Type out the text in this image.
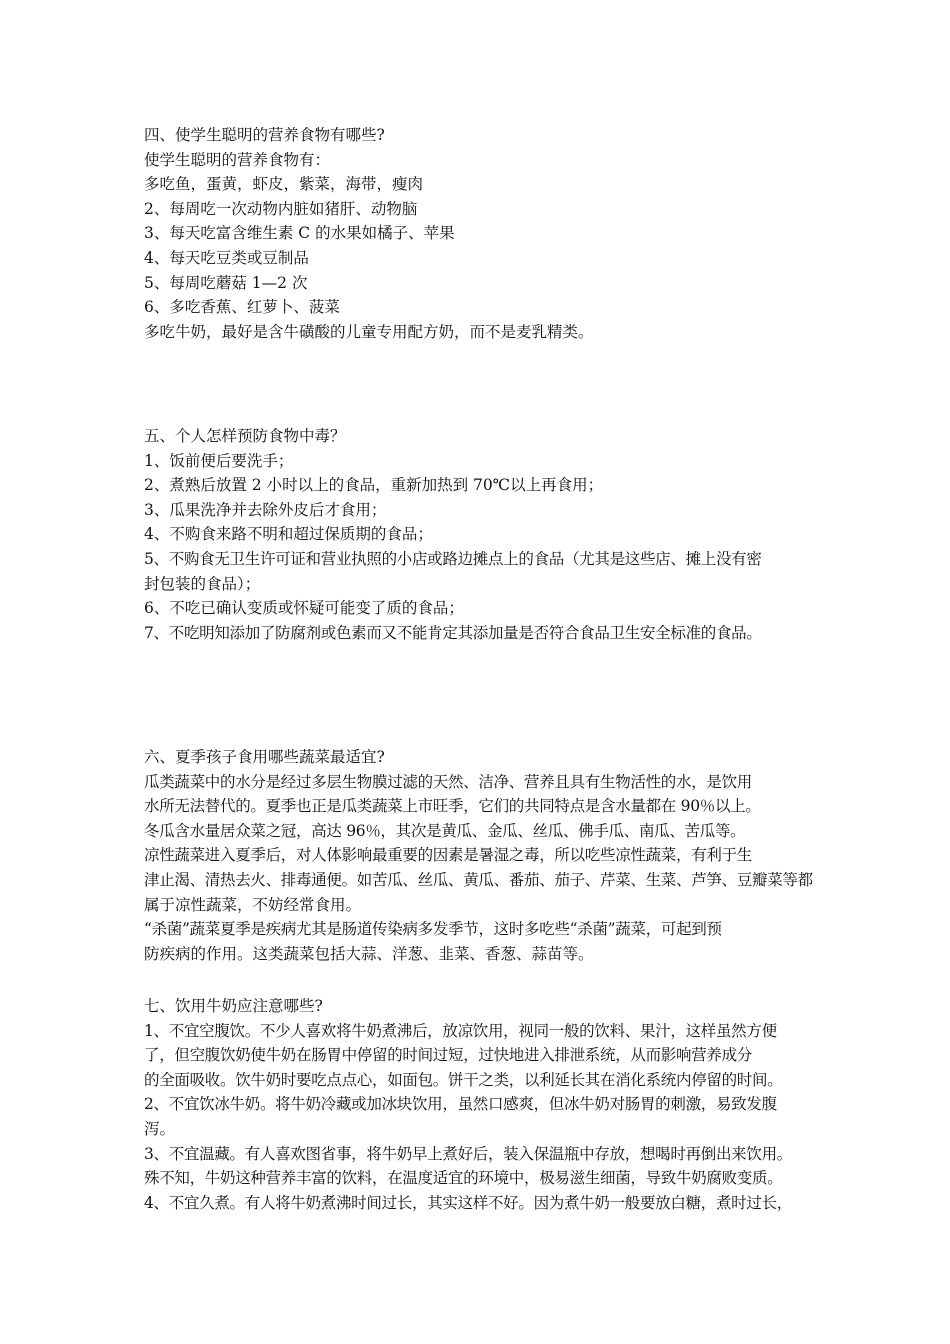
四、使学生聪明的营养食物有哪些?
使学生聪明的营养食物有：
多吃鱼，蛋黄，虾皮，紫菜，海带，瘦肉
2、每周吃一次动物内脏如猪肝、动物脑
3、每天吃富含维生素 C 的水果如橘子、苹果
4、每天吃豆类或豆制品
5、每周吃蘑菇 1—2 次
6、多吃香蕉、红萝卜、菠菜
多吃牛奶，最好是含牛磺酸的儿童专用配方奶，而不是麦乳精类。
五、个人怎样预防食物中毒？
1、饭前便后要洗手；
2、煮熟后放置 2 小时以上的食品，重新加热到 70℃以上再食用；
3、瓜果洗净并去除外皮后才食用；
4、不购食来路不明和超过保质期的食品；
5、不购食无卫生许可证和营业执照的小店或路边摊点上的食品（尤其是这些店、摊上没有密
封包装的食品）；
6、不吃已确认变质或怀疑可能变了质的食品；
7、不吃明知添加了防腐剂或色素而又不能肯定其添加量是否符合食品卫生安全标准的食品。
六、夏季孩子食用哪些蔬菜最适宜?
瓜类蔬菜中的水分是经过多层生物膜过滤的天然、洁净、营养且具有生物活性的水，是饮用
水所无法替代的。夏季也正是瓜类蔬菜上市旺季，它们的共同特点是含水量都在 90％以上。
冬瓜含水量居众菜之冠，高达 96％，其次是黄瓜、金瓜、丝瓜、佛手瓜、南瓜、苦瓜等。
凉性蔬菜进入夏季后，对人体影响最重要的因素是暑湿之毒，所以吃些凉性蔬菜，有利于生
津止渴、清热去火、排毒通便。如苦瓜、丝瓜、黄瓜、番茄、茄子、芹菜、生菜、芦笋、豆瓣菜等都
属于凉性蔬菜，不妨经常食用。
“杀菌”蔬菜夏季是疾病尤其是肠道传染病多发季节，这时多吃些“杀菌”蔬菜，可起到预
防疾病的作用。这类蔬菜包括大蒜、洋葱、韭菜、香葱、蒜苗等。
七、饮用牛奶应注意哪些?
1、不宜空腹饮。不少人喜欢将牛奶煮沸后，放凉饮用，视同一般的饮料、果汁，这样虽然方便
了，但空腹饮奶使牛奶在肠胃中停留的时间过短，过快地进入排泄系统，从而影响营养成分
的全面吸收。饮牛奶时要吃点点心，如面包。饼干之类，以利延长其在消化系统内停留的时间。
2、不宜饮冰牛奶。将牛奶冷藏或加冰块饮用，虽然口感爽，但冰牛奶对肠胃的刺激，易致发腹
泻。
3、不宜温藏。有人喜欢图省事，将牛奶早上煮好后，装入保温瓶中存放，想喝时再倒出来饮用。
殊不知，牛奶这种营养丰富的饮料，在温度适宜的环境中，极易滋生细菌，导致牛奶腐败变质。
4、不宜久煮。有人将牛奶煮沸时间过长，其实这样不好。因为煮牛奶一般要放白糖，煮时过长，
